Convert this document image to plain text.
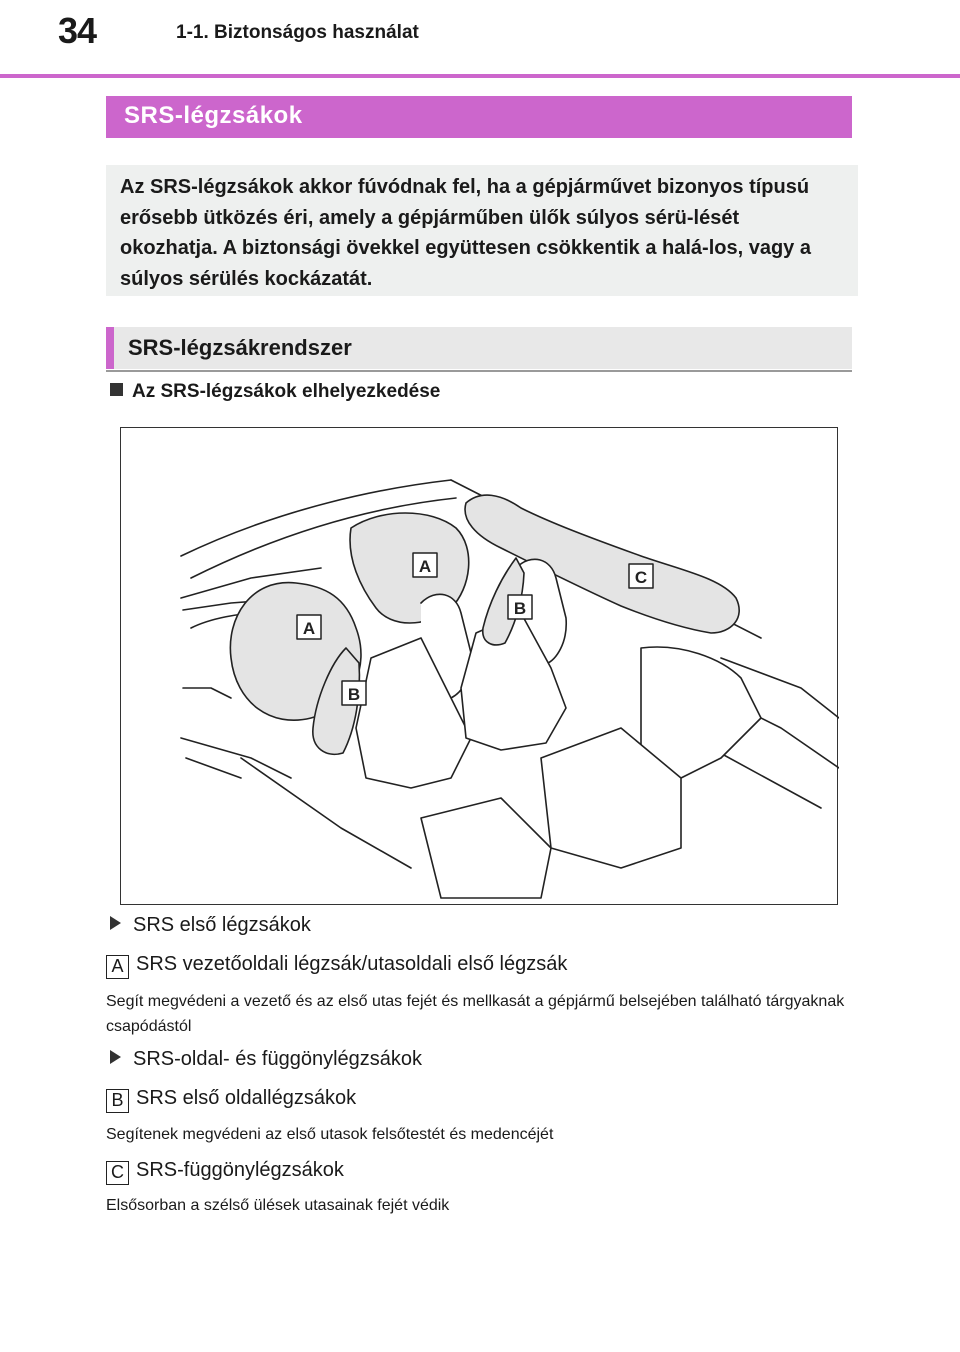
34	1-1. Biztonságos használat
SRS-légzsákok

Az SRS-légzsákok akkor fúvódnak fel, ha a gépjárművet bizonyos típusú erősebb ütközés éri, amely a gépjárműben ülők súlyos sérü-lését okozhatja. A biztonsági övekkel együttesen csökkentik a halá-los, vagy a súlyos sérülés kockázatát.

SRS-légzsákrendszer
Az SRS-légzsákok elhelyezkedése
A
A
B
B
C
SRS első légzsákok
A SRS vezetőoldali légzsák/utasoldali első légzsák
Segít megvédeni a vezető és az első utas fejét és mellkasát a gépjármű belsejében található tárgyaknak csapódástól
SRS-oldal- és függönylégzsákok
B SRS első oldallégzsákok
Segítenek megvédeni az első utasok felsőtestét és medencéjét
C SRS-függönylégzsákok
Elsősorban a szélső ülések utasainak fejét védik
